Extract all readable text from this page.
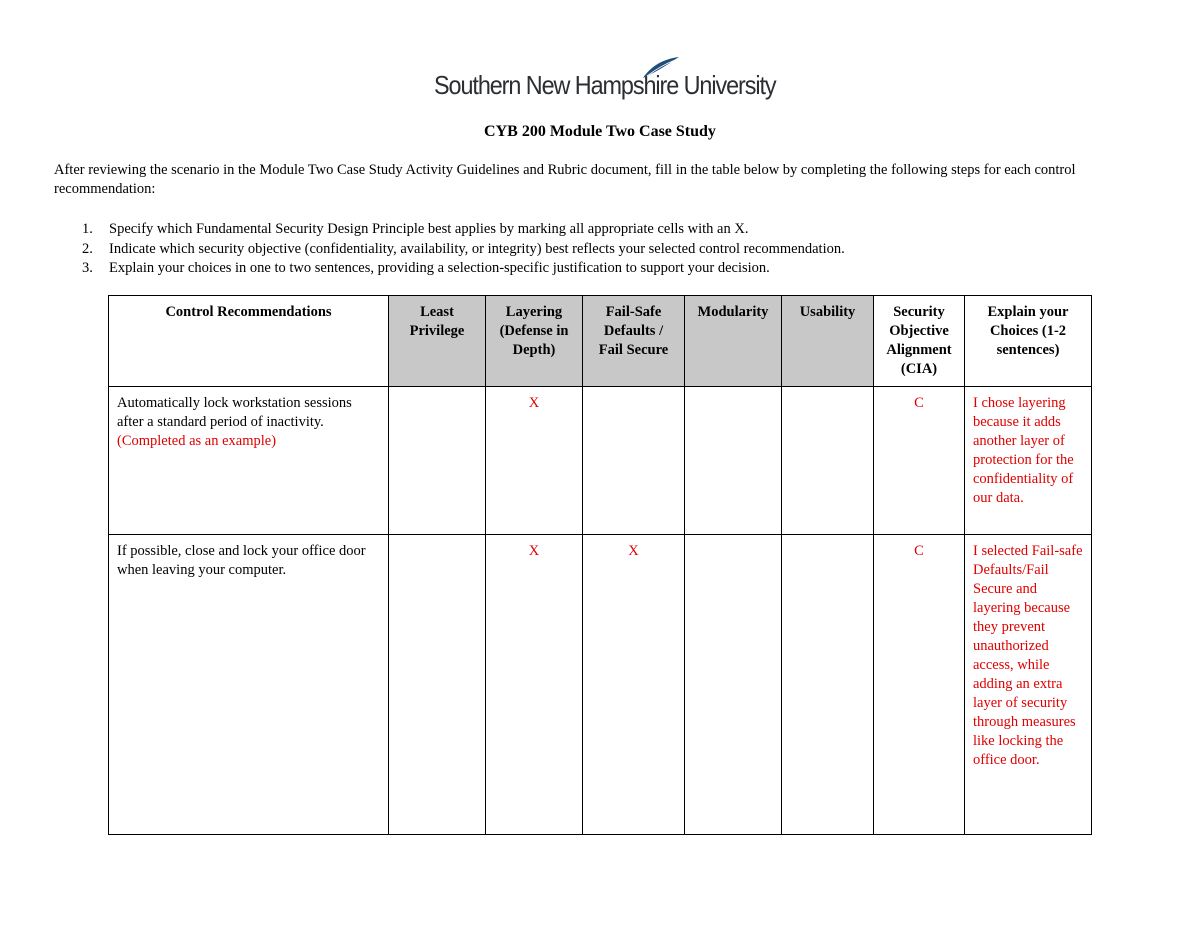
Southern New Hampshire University
CYB 200 Module Two Case Study
After reviewing the scenario in the Module Two Case Study Activity Guidelines and Rubric document, fill in the table below by completing the following steps for each control recommendation:
1. Specify which Fundamental Security Design Principle best applies by marking all appropriate cells with an X.
2. Indicate which security objective (confidentiality, availability, or integrity) best reflects your selected control recommendation.
3. Explain your choices in one to two sentences, providing a selection-specific justification to support your decision.
Control Recommendations	Least Privilege	Layering (Defense in Depth)	Fail-Safe Defaults / Fail Secure	Modularity	Usability	Security Objective Alignment (CIA)	Explain your Choices (1-2 sentences)
Automatically lock workstation sessions after a standard period of inactivity. (Completed as an example)		X				C	I chose layering because it adds another layer of protection for the confidentiality of our data.
If possible, close and lock your office door when leaving your computer.		X	X			C	I selected Fail-safe Defaults/Fail Secure and layering because they prevent unauthorized access, while adding an extra layer of security through measures like locking the office door.
